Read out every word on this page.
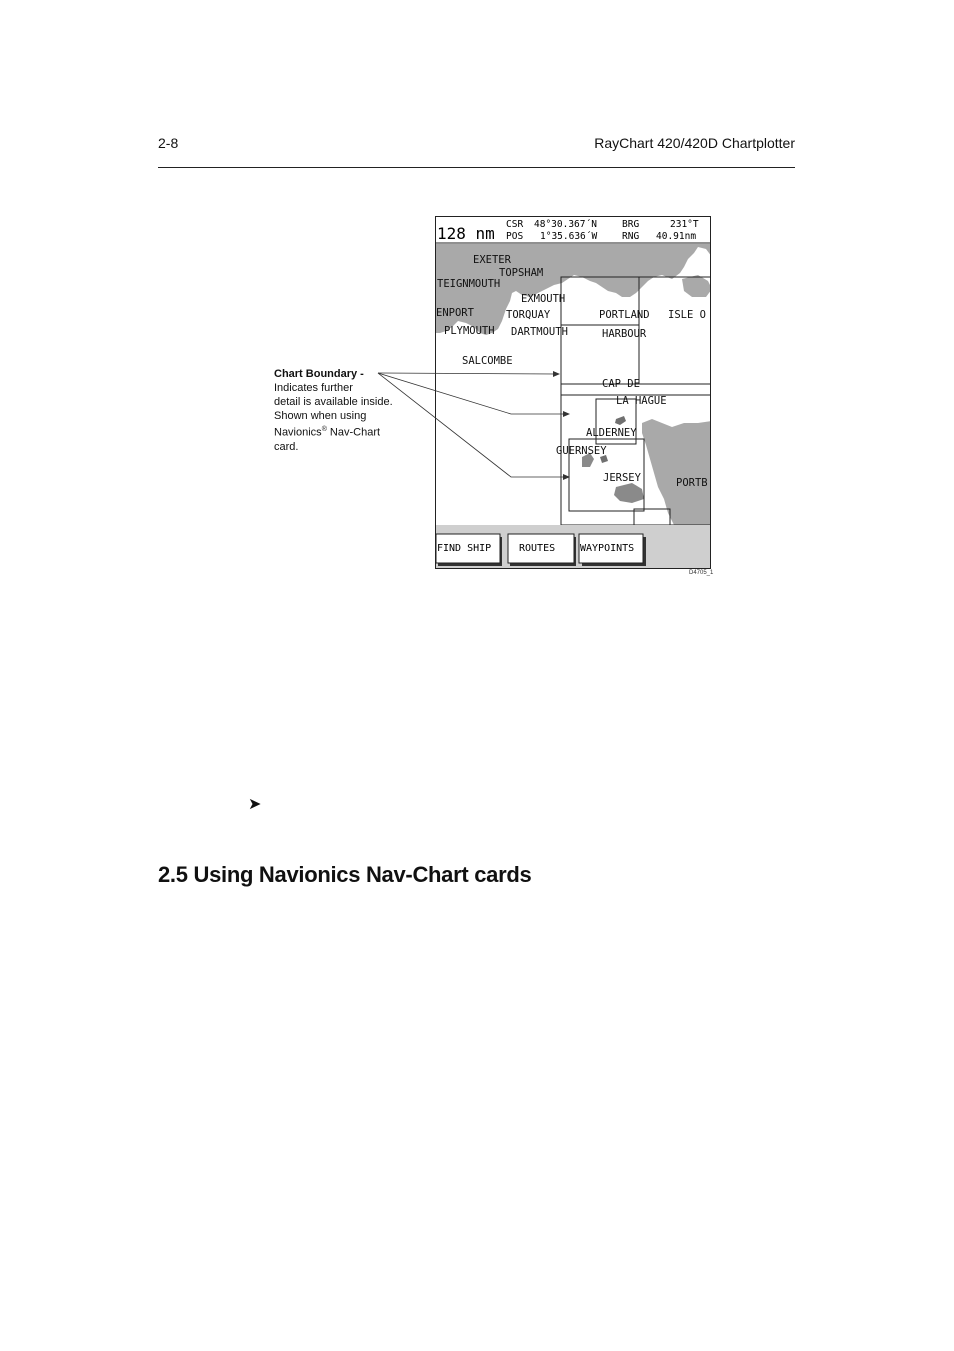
2-8	RayChart 420/420D Chartplotter
128 nm CSR 48°30.367´N	BRG	231°T
POS 1°35.636´W	RNG 40.91nm
EXETER
TOPSHAM
TEIGNMOUTH
EXMOUTH
ENPORT	TORQUAY	PORTLAND ISLE O
PLYMOUTH DARTMOUTH	HARBOUR
SALCOMBE
CAP DE
LA HAGUE
ALDERNEY
GUERNSEY
JERSEY	PORTB
FIND SHIP	ROUTES WAYPOINTS
D4705_1
Chart Boundary -
Indicates further
detail is available inside.
Shown when using
Navionics® Nav-Chart
card.
➤
2.5 Using Navionics Nav-Chart cards
